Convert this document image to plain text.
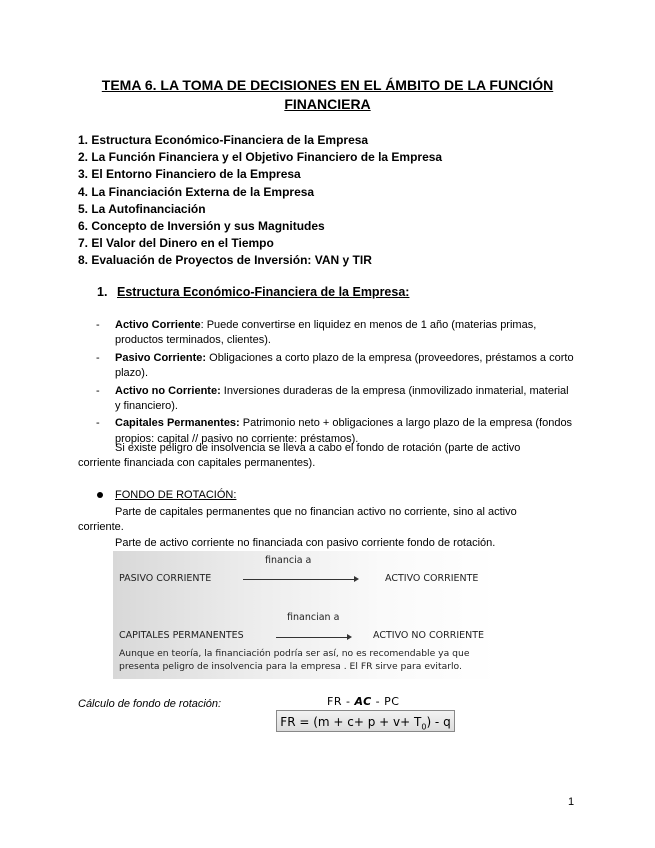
TEMA 6. LA TOMA DE DECISIONES EN EL ÁMBITO DE LA FUNCIÓN FINANCIERA
1. Estructura Económico-Financiera de la Empresa
2. La Función Financiera y el Objetivo Financiero de la Empresa
3. El Entorno Financiero de la Empresa
4. La Financiación Externa de la Empresa
5. La Autofinanciación
6. Concepto de Inversión y sus Magnitudes
7. El Valor del Dinero en el Tiempo
8. Evaluación de Proyectos de Inversión: VAN y TIR
1. Estructura Económico-Financiera de la Empresa:
- Activo Corriente: Puede convertirse en liquidez en menos de 1 año (materias primas, productos terminados, clientes).
- Pasivo Corriente: Obligaciones a corto plazo de la empresa (proveedores, préstamos a corto plazo).
- Activo no Corriente: Inversiones duraderas de la empresa (inmovilizado inmaterial, material y financiero).
- Capitales Permanentes: Patrimonio neto + obligaciones a largo plazo de la empresa (fondos propios: capital // pasivo no corriente: préstamos).
Si existe peligro de insolvencia se lleva a cabo el fondo de rotación (parte de activo
corriente financiada con capitales permanentes).
FONDO DE ROTACIÓN:
Parte de capitales permanentes que no financian activo no corriente, sino al activo
corriente.
Parte de activo corriente no financiada con pasivo corriente fondo de rotación.
financia a
PASIVO CORRIENTE	ACTIVO CORRIENTE
financian a
CAPITALES PERMANENTES	ACTIVO NO CORRIENTE
Aunque en teoría, la financiación podría ser así, no es recomendable ya que
presenta peligro de insolvencia para la empresa . El FR sirve para evitarlo.
Cálculo de fondo de rotación:	FR - AC - PC
FR = $(m + c+ p + v+ T_0) - q$
1
